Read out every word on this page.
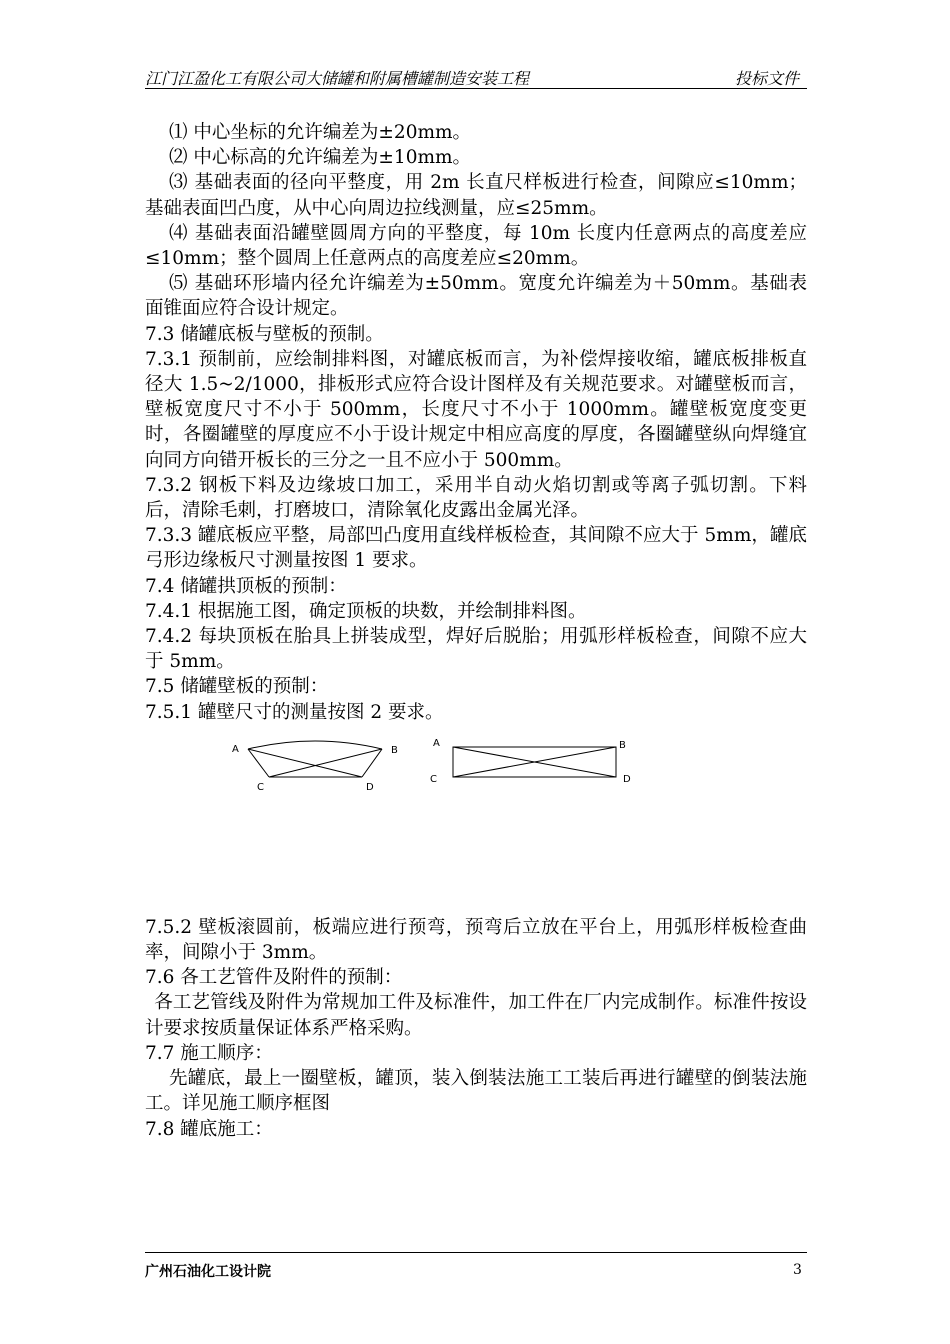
江门江盈化工有限公司大储罐和附属槽罐制造安装工程	投标文件

⑴ 中心坐标的允许编差为±20mm。

⑵ 中心标高的允许编差为±10mm。

⑶ 基础表面的径向平整度，用 2m 长直尺样板进行检查，间隙应≤10mm；基础表面凹凸度，从中心向周边拉线测量，应≤25mm。

⑷ 基础表面沿罐壁圆周方向的平整度，每 10m 长度内任意两点的高度差应≤10mm；整个圆周上任意两点的高度差应≤20mm。

⑸ 基础环形墙内径允许编差为±50mm。宽度允许编差为＋50mm。基础表面锥面应符合设计规定。

7.3 储罐底板与壁板的预制。

7.3.1 预制前，应绘制排料图，对罐底板而言，为补偿焊接收缩，罐底板排板直径大 1.5~2/1000，排板形式应符合设计图样及有关规范要求。对罐壁板而言，壁板宽度尺寸不小于 500mm，长度尺寸不小于 1000mm。罐壁板宽度变更时，各圈罐壁的厚度应不小于设计规定中相应高度的厚度，各圈罐壁纵向焊缝宜向同方向错开板长的三分之一且不应小于 500mm。

7.3.2 钢板下料及边缘坡口加工，采用半自动火焰切割或等离子弧切割。下料后，清除毛刺，打磨坡口，清除氧化皮露出金属光泽。

7.3.3 罐底板应平整，局部凹凸度用直线样板检查，其间隙不应大于 5mm，罐底弓形边缘板尺寸测量按图 1 要求。

7.4 储罐拱顶板的预制：

7.4.1 根据施工图，确定顶板的块数，并绘制排料图。

7.4.2 每块顶板在胎具上拼装成型，焊好后脱胎；用弧形样板检查，间隙不应大于 5mm。

7.5 储罐壁板的预制：

7.5.1 罐壁尺寸的测量按图 2 要求。

A	B
C	D
A	B
C	D

7.5.2 壁板滚圆前，板端应进行预弯，预弯后立放在平台上，用弧形样板检查曲率，间隙小于 3mm。

7.6 各工艺管件及附件的预制：

各工艺管线及附件为常规加工件及标准件，加工件在厂内完成制作。标准件按设计要求按质量保证体系严格采购。

7.7 施工顺序：

先罐底，最上一圈壁板，罐顶，装入倒装法施工工装后再进行罐壁的倒装法施工。详见施工顺序框图

7.8 罐底施工：

广州石油化工设计院	3
